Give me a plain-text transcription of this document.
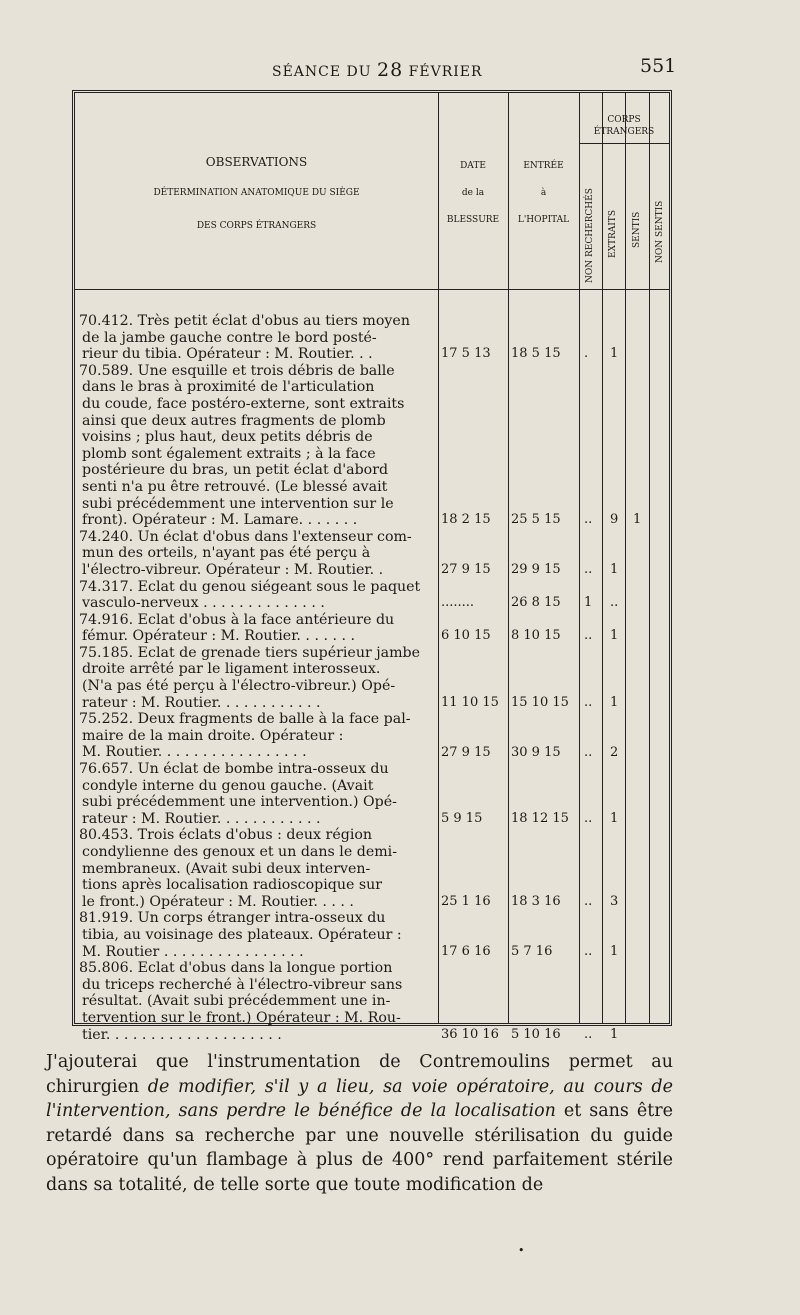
SÉANCE DU 28 FÉVRIER	551
OBSERVATIONS
DÉTERMINATION ANATOMIQUE DU SIÈGE
DES CORPS ÉTRANGERS
DATE
de la
BLESSURE
ENTRÉE
à
L'HOPITAL
CORPS
ÉTRANGERS
NON RECHERCHÉS EXTRAITS SENTIS NON SENTIS
70.412. Très petit éclat d'obus au tiers moyen
de la jambe gauche contre le bord posté-
rieur du tibia. Opérateur : M. Routier. . .
70.589. Une esquille et trois débris de balle
dans le bras à proximité de l'articulation
du coude, face postéro-externe, sont extraits
ainsi que deux autres fragments de plomb
voisins ; plus haut, deux petits débris de
plomb sont également extraits ; à la face
postérieure du bras, un petit éclat d'abord
senti n'a pu être retrouvé. (Le blessé avait
subi précédemment une intervention sur le
front). Opérateur : M. Lamare. . . . . . .
74.240. Un éclat d'obus dans l'extenseur com-
mun des orteils, n'ayant pas été perçu à
l'électro-vibreur. Opérateur : M. Routier. .
74.317. Eclat du genou siégeant sous le paquet
vasculo-nerveux . . . . . . . . . . . . . .
74.916. Eclat d'obus à la face antérieure du
fémur. Opérateur : M. Routier. . . . . . .
75.185. Eclat de grenade tiers supérieur jambe
droite arrêté par le ligament interosseux.
(N'a pas été perçu à l'électro-vibreur.) Opé-
rateur : M. Routier. . . . . . . . . . . .
75.252. Deux fragments de balle à la face pal-
maire de la main droite. Opérateur :
M. Routier. . . . . . . . . . . . . . . . .
76.657. Un éclat de bombe intra-osseux du
condyle interne du genou gauche. (Avait
subi précédemment une intervention.) Opé-
rateur : M. Routier. . . . . . . . . . . .
80.453. Trois éclats d'obus : deux région
condylienne des genoux et un dans le demi-
membraneux. (Avait subi deux interven-
tions après localisation radioscopique sur
le front.) Opérateur : M. Routier. . . . .
81.919. Un corps étranger intra-osseux du
tibia, au voisinage des plateaux. Opérateur :
M. Routier . . . . . . . . . . . . . . . .
85.806. Eclat d'obus dans la longue portion
du triceps recherché à l'électro-vibreur sans
résultat. (Avait subi précédemment une in-
tervention sur le front.) Opérateur : M. Rou-
tier. . . . . . . . . . . . . . . . . . . .
17 5 13 18 5 15 . 1
18 2 15 25 5 15 .. 9 1
27 9 15 29 9 15 .. 1
........	26 8 15 1 ..
6 10 15 8 10 15 .. 1
11 10 15 15 10 15 .. 1
27 9 15 30 9 15 .. 2
5 9 15 18 12 15 .. 1
25 1 16 18 3 16 .. 3
17 6 16 5 7 16 .. 1
36 10 16 5 10 16 .. 1
J'ajouterai que l'instrumentation de Contremoulins permet au chirurgien de modifier, s'il y a lieu, sa voie opératoire, au cours de l'intervention, sans perdre le bénéfice de la localisation et sans être retardé dans sa recherche par une nouvelle stérilisation du guide opératoire qu'un flambage à plus de 400° rend parfaitement stérile dans sa totalité, de telle sorte que toute modification de
•
